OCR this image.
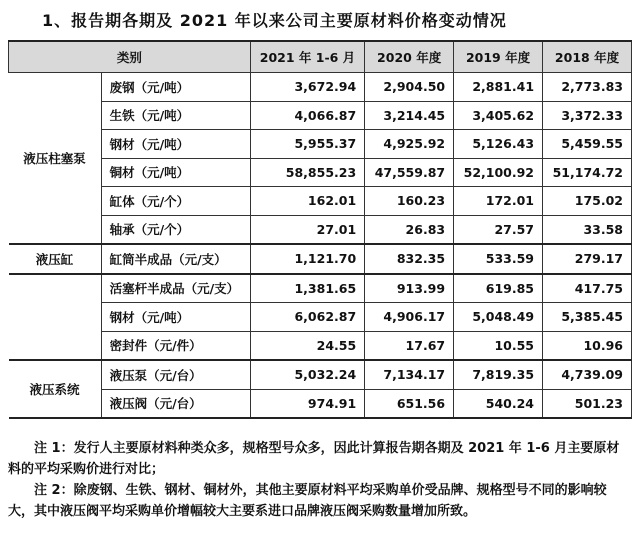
1、报告期各期及 2021 年以来公司主要原材料价格变动情况
类别		2021 年 1-6 月	2020 年度	2019 年度	2018 年度
液压柱塞泵	废钢（元/吨）	3,672.94	2,904.50	2,881.41	2,773.83
	生铁（元/吨）	4,066.87	3,214.45	3,405.62	3,372.33
	钢材（元/吨）	5,955.37	4,925.92	5,126.43	5,459.55
	铜材（元/吨）	58,855.23	47,559.87	52,100.92	51,174.72
	缸体（元/个）	162.01	160.23	172.01	175.02
	轴承（元/个）	27.01	26.83	27.57	33.58
液压缸	缸筒半成品（元/支）	1,121.70	832.35	533.59	279.17
	活塞杆半成品（元/支）	1,381.65	913.99	619.85	417.75
	钢材（元/吨）	6,062.87	4,906.17	5,048.49	5,385.45
	密封件（元/件）	24.55	17.67	10.55	10.96
液压系统	液压泵（元/台）	5,032.24	7,134.17	7,819.35	4,739.09
	液压阀（元/台）	974.91	651.56	540.24	501.23

注 1：发行人主要原材料种类众多，规格型号众多，因此计算报告期各期及 2021 年 1-6 月主要原材料的平均采购价进行对比；

注 2：除废钢、生铁、钢材、铜材外，其他主要原材料平均采购单价受品牌、规格型号不同的影响较大，其中液压阀平均采购单价增幅较大主要系进口品牌液压阀采购数量增加所致。
